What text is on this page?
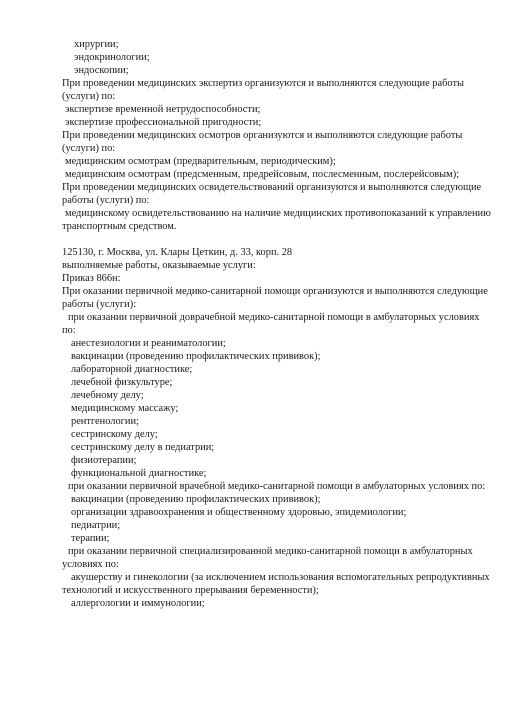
хирургии;
эндокринологии;
эндоскопии;
При проведении медицинских экспертиз организуются и выполняются следующие работы
(услуги) по:
экспертизе временной нетрудоспособности;
экспертизе профессиональной пригодности;
При проведении медицинских осмотров организуются и выполняются следующие работы
(услуги) по:
медицинским осмотрам (предварительным, периодическим);
медицинским осмотрам (предсменным, предрейсовым, послесменным, послерейсовым);
При проведении медицинских освидетельствований организуются и выполняются следующие
работы (услуги) по:
медицинскому освидетельствованию на наличие медицинских противопоказаний к управлению
транспортным средством.
125130, г. Москва, ул. Клары Цеткин, д. 33, корп. 28
выполняемые работы, оказываемые услуги:
Приказ 866н:
При оказании первичной медико-санитарной помощи организуются и выполняются следующие
работы (услуги):
при оказании первичной доврачебной медико-санитарной помощи в амбулаторных условиях
по:
анестезиологии и реаниматологии;
вакцинации (проведению профилактических прививок);
лабораторной диагностике;
лечебной физкультуре;
лечебному делу;
медицинскому массажу;
рентгенологии;
сестринскому делу;
сестринскому делу в педиатрии;
физиотерапии;
функциональной диагностике;
при оказании первичной врачебной медико-санитарной помощи в амбулаторных условиях по:
вакцинации (проведению профилактических прививок);
организации здравоохранения и общественному здоровью, эпидемиологии;
педиатрии;
терапии;
при оказании первичной специализированной медико-санитарной помощи в амбулаторных
условиях по:
акушерству и гинекологии (за исключением использования вспомогательных репродуктивных
технологий и искусственного прерывания беременности);
аллергологии и иммунологии;
